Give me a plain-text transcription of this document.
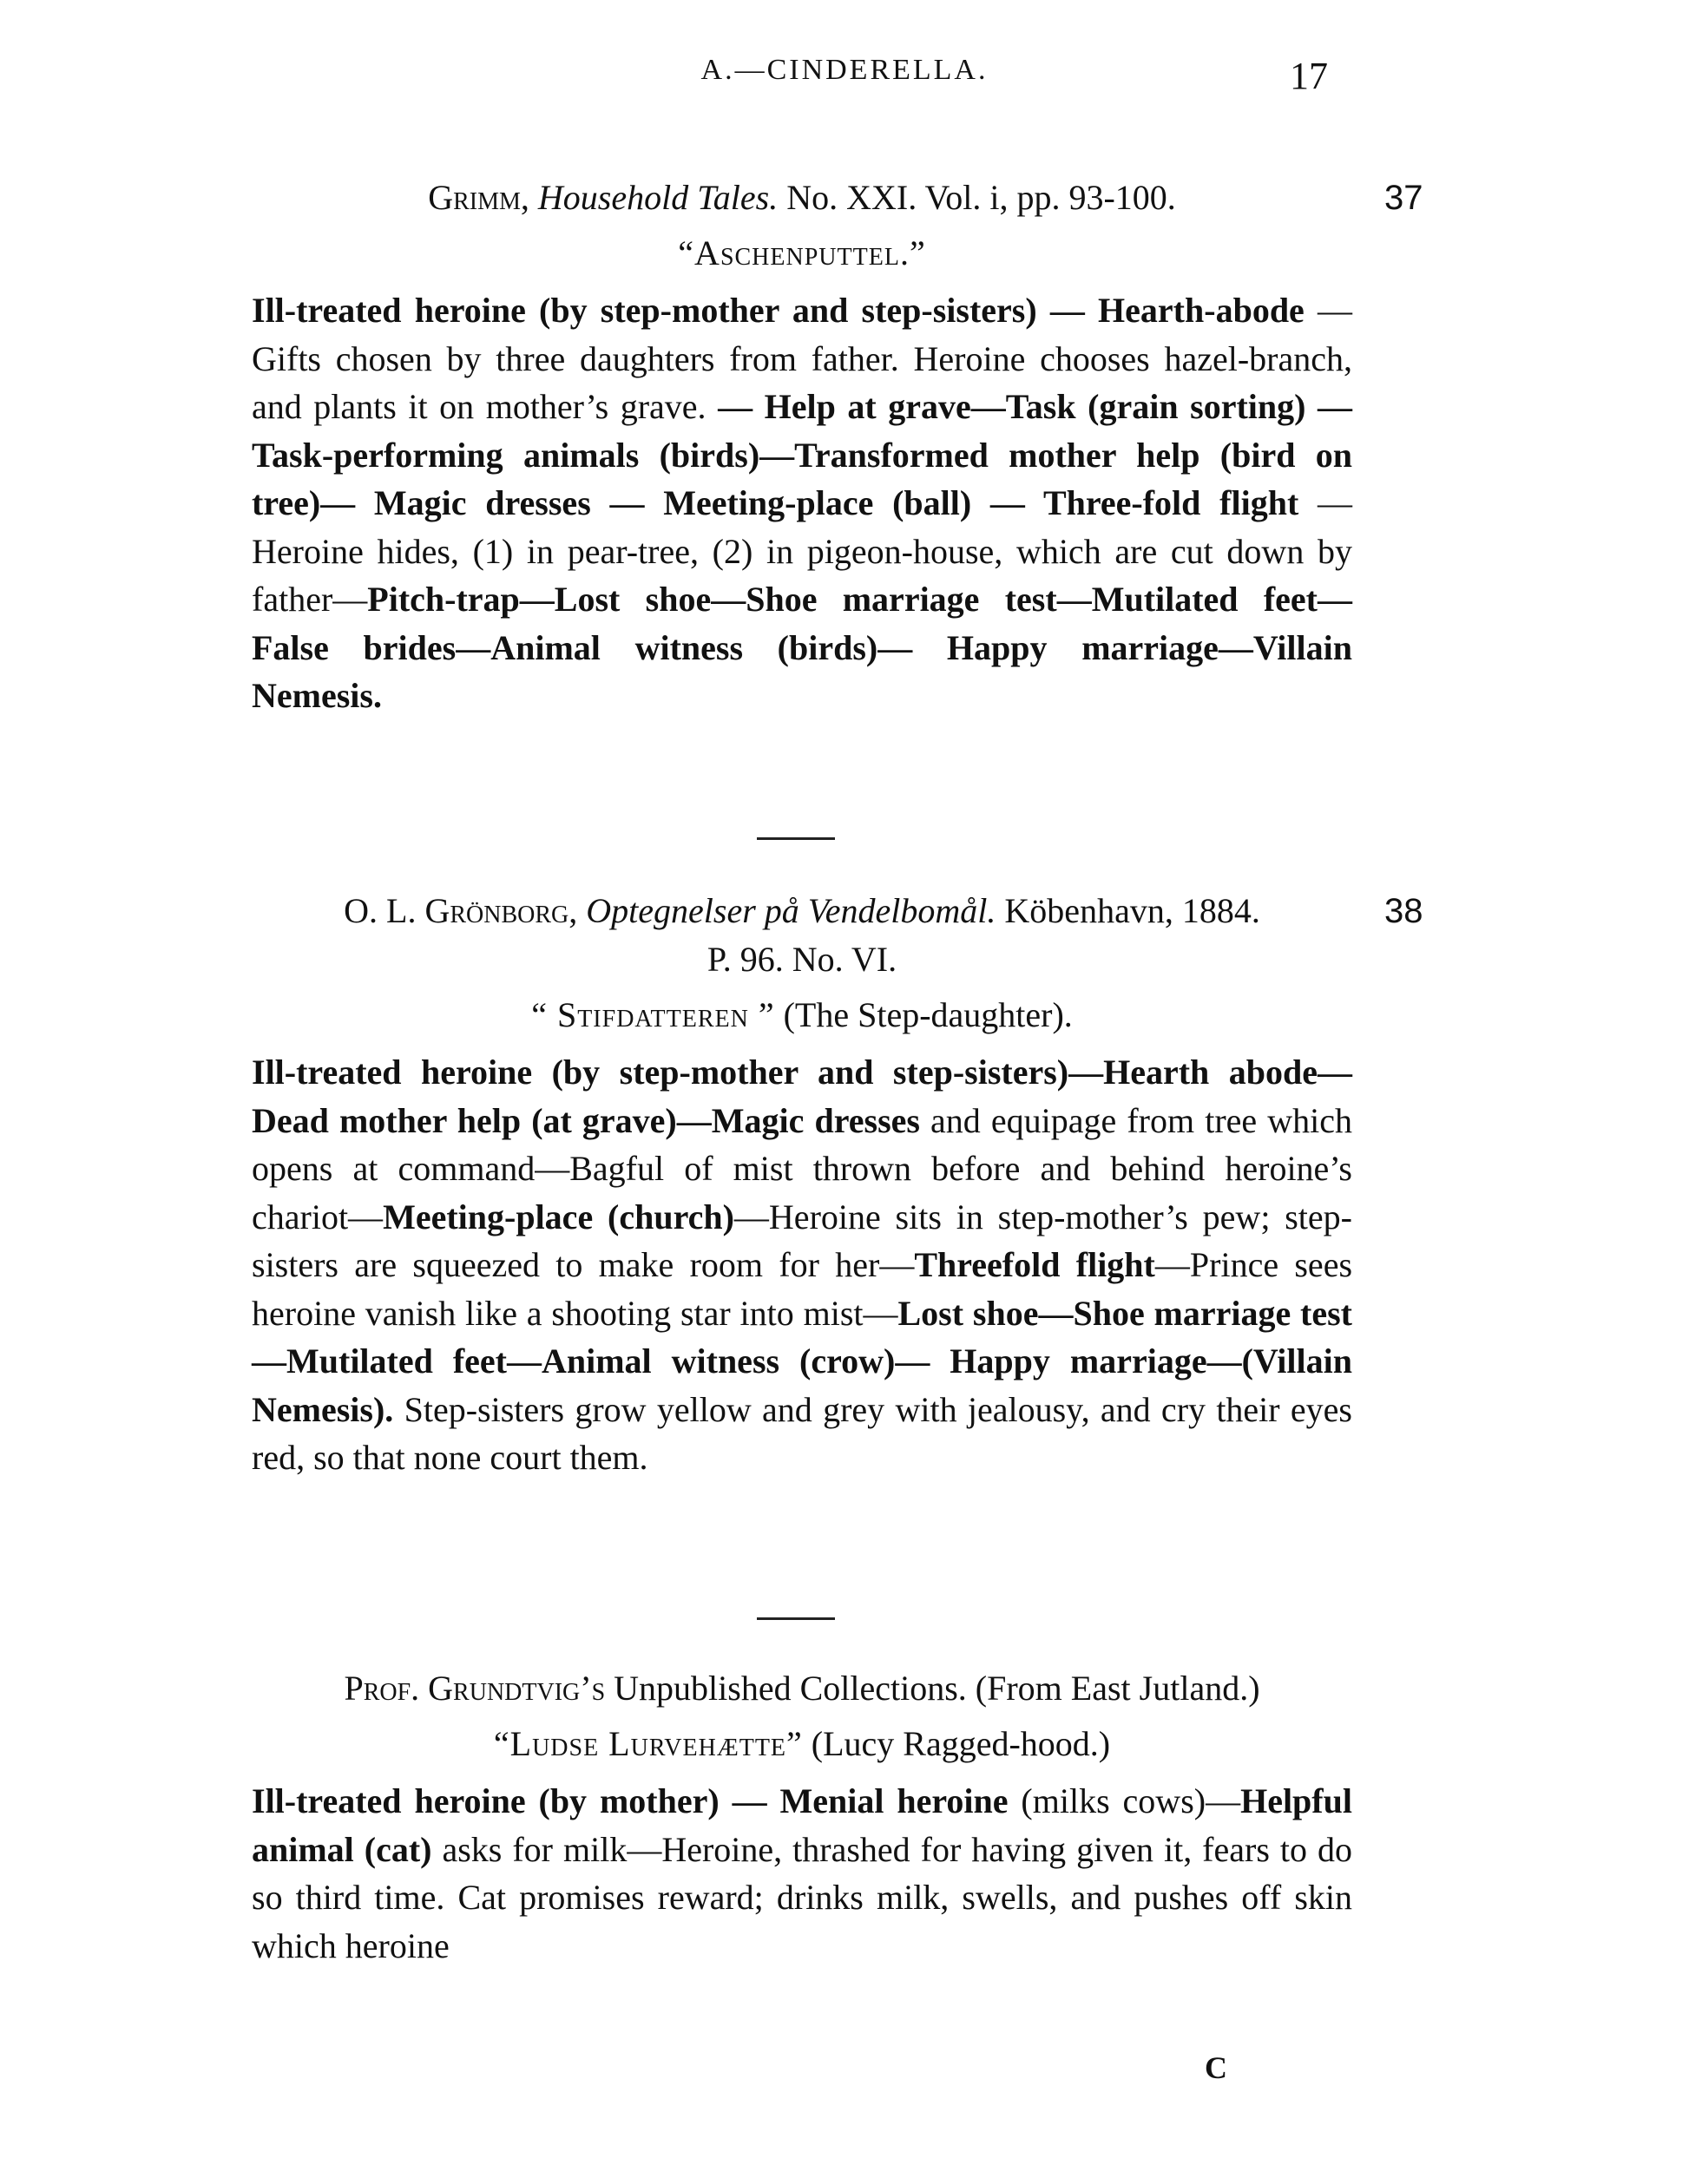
A.—CINDERELLA.	17
Grimm, Household Tales. No. XXI. Vol. i, pp. 93-100.	37
“Aschenputtel.”
Ill-treated heroine (by step-mother and step-sisters) — Hearth-abode — Gifts chosen by three daughters from father. Heroine chooses hazel-branch, and plants it on mother’s grave. — Help at grave—Task (grain sorting) — Task-performing animals (birds)—Transformed mother help (bird on tree)— Magic dresses — Meeting-place (ball) — Three-fold flight — Heroine hides, (1) in pear-tree, (2) in pigeon-house, which are cut down by father—Pitch-trap—Lost shoe—Shoe marriage test—Mutilated feet—False brides—Animal witness (birds)— Happy marriage—Villain Nemesis.
O. L. Grönborg, Optegnelser på Vendelbomål. Köbenhavn, 1884.
P. 96. No. VI.
38
“ Stifdatteren ” (The Step-daughter).
Ill-treated heroine (by step-mother and step-sisters)—Hearth abode—Dead mother help (at grave)—Magic dresses and equipage from tree which opens at command—Bagful of mist thrown before and behind heroine’s chariot—Meeting-place (church)—Heroine sits in step-mother’s pew; step-sisters are squeezed to make room for her—Threefold flight—Prince sees heroine vanish like a shooting star into mist—Lost shoe—Shoe marriage test—Mutilated feet—Animal witness (crow)— Happy marriage—(Villain Nemesis). Step-sisters grow yellow and grey with jealousy, and cry their eyes red, so that none court them.
Prof. Grundtvig’s Unpublished Collections. (From East Jutland.)
“Ludse Lurvehætte” (Lucy Ragged-hood.)
Ill-treated heroine (by mother) — Menial heroine (milks cows)—Helpful animal (cat) asks for milk—Heroine, thrashed for having given it, fears to do so third time. Cat promises reward; drinks milk, swells, and pushes off skin which heroine
C
